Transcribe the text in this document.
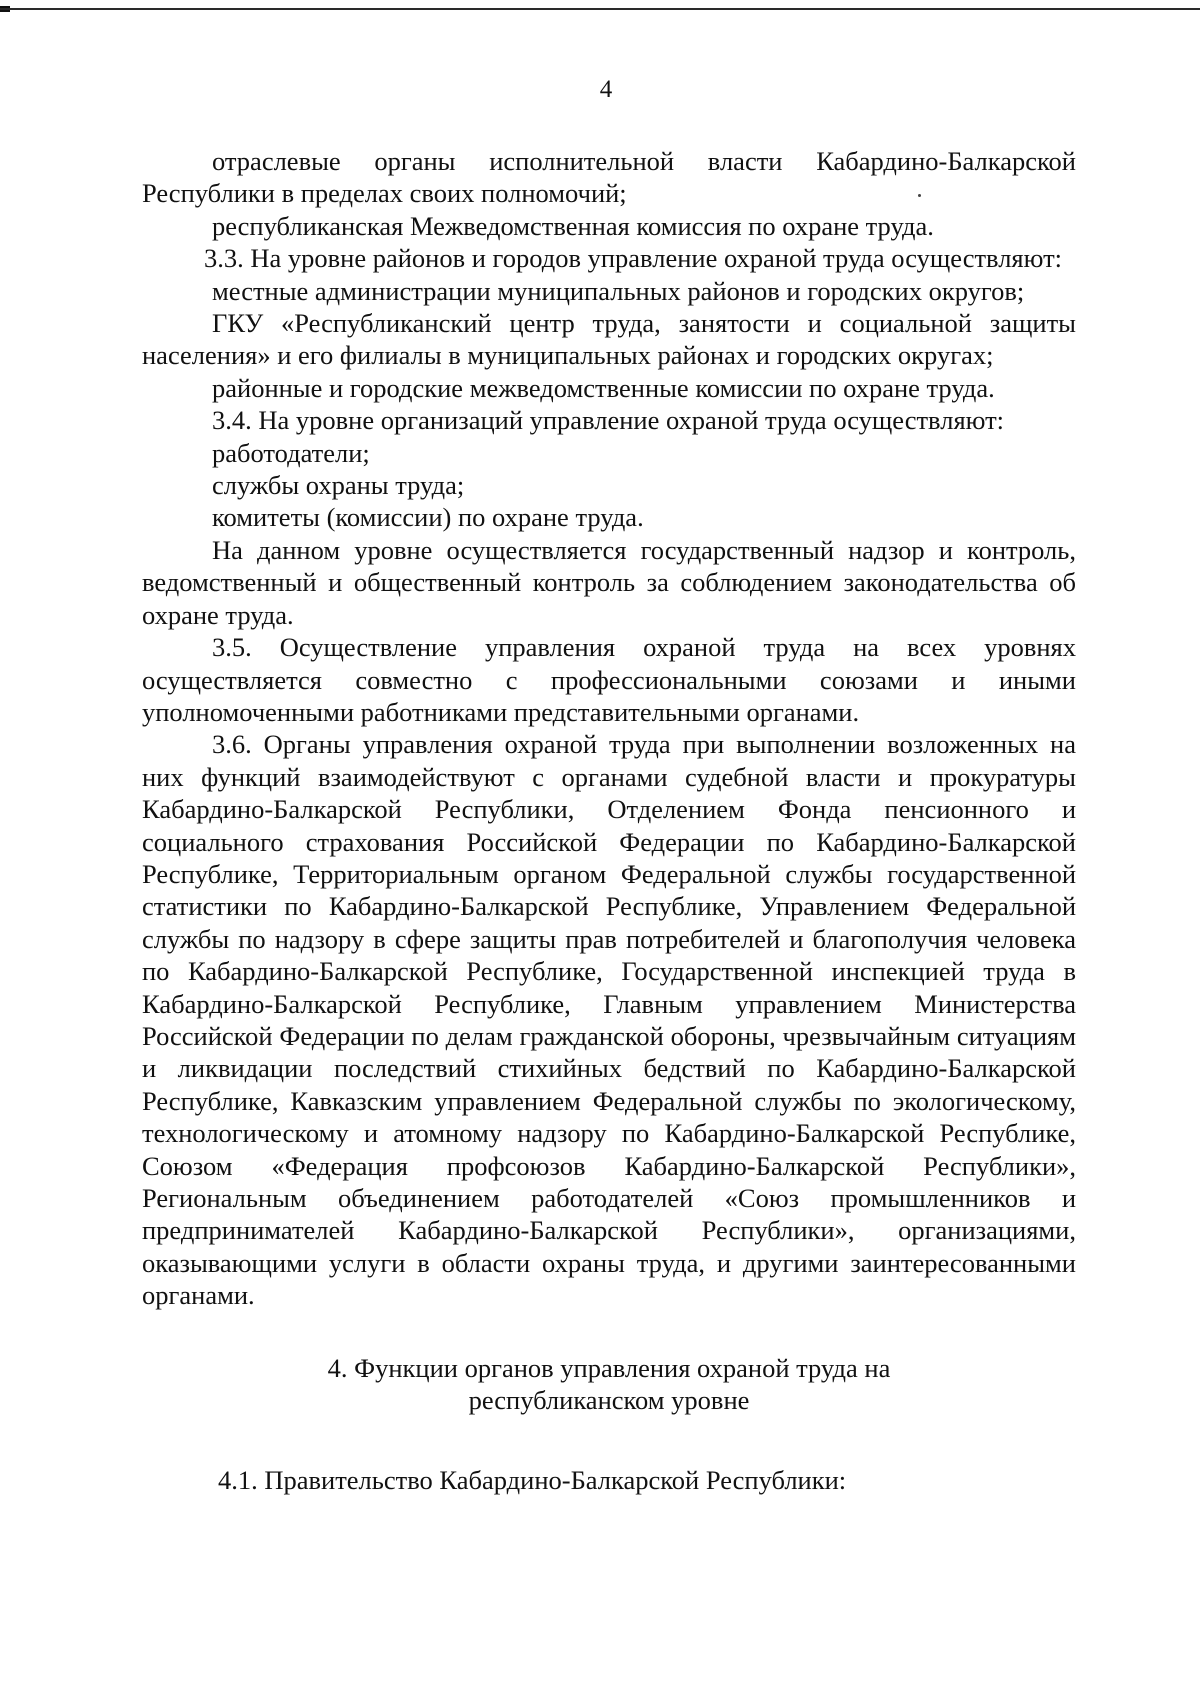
4

отраслевые органы исполнительной власти Кабардино-Балкарской Республики в пределах своих полномочий;

республиканская Межведомственная комиссия по охране труда.

3.3. На уровне районов и городов управление охраной труда осуществляют:

местные администрации муниципальных районов и городских округов;

ГКУ «Республиканский центр труда, занятости и социальной защиты населения» и его филиалы в муниципальных районах и городских округах;

районные и городские межведомственные комиссии по охране труда.

3.4. На уровне организаций управление охраной труда осуществляют:

работодатели;

службы охраны труда;

комитеты (комиссии) по охране труда.

На данном уровне осуществляется государственный надзор и контроль, ведомственный и общественный контроль за соблюдением законодательства об охране труда.

3.5. Осуществление управления охраной труда на всех уровнях осуществляется совместно с профессиональными союзами и иными уполномоченными работниками представительными органами.

3.6. Органы управления охраной труда при выполнении возложенных на них функций взаимодействуют с органами судебной власти и прокуратуры Кабардино-Балкарской Республики, Отделением Фонда пенсионного и социального страхования Российской Федерации по Кабардино-Балкарской Республике, Территориальным органом Федеральной службы государственной статистики по Кабардино-Балкарской Республике, Управлением Федеральной службы по надзору в сфере защиты прав потребителей и благополучия человека по Кабардино-Балкарской Республике, Государственной инспекцией труда в Кабардино-Балкарской Республике, Главным управлением Министерства Российской Федерации по делам гражданской обороны, чрезвычайным ситуациям и ликвидации последствий стихийных бедствий по Кабардино-Балкарской Республике, Кавказским управлением Федеральной службы по экологическому, технологическому и атомному надзору по Кабардино-Балкарской Республике, Союзом «Федерация профсоюзов Кабардино-Балкарской Республики», Региональным объединением работодателей «Союз промышленников и предпринимателей Кабардино-Балкарской Республики», организациями, оказывающими услуги в области охраны труда, и другими заинтересованными органами.

4. Функции органов управления охраной труда на
республиканском уровне

4.1. Правительство Кабардино-Балкарской Республики:
